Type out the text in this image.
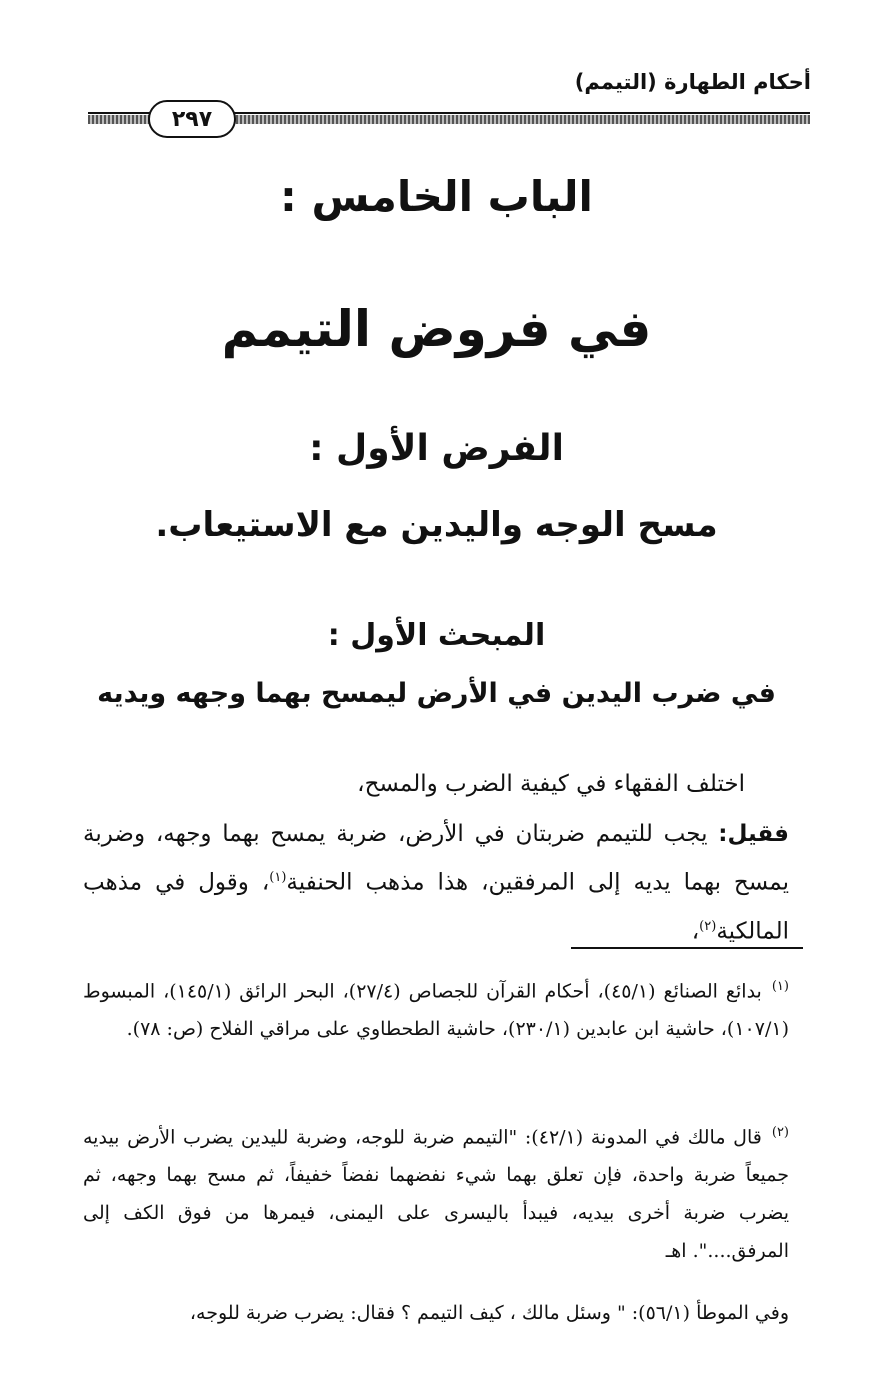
أحكام الطهارة (التيمم)
٢٩٧
الباب الخامس :
في فروض التيمم
الفرض الأول :
مسح الوجه واليدين مع الاستيعاب.
المبحث الأول :
في ضرب اليدين في الأرض ليمسح بهما وجهه ويديه
اختلف الفقهاء في كيفية الضرب والمسح،
فقيل: يجب للتيمم ضربتان في الأرض، ضربة يمسح بهما وجهه، وضربة يمسح بهما يديه إلى المرفقين، هذا مذهب الحنفية$^{(١)}$، وقول في مذهب المالكية$^{(٢)}$،
$^{(١)}$بدائع الصنائع (٤٥/١)، أحكام القرآن للجصاص (٢٧/٤)، البحر الرائق (١٤٥/١)، المبسوط (١٠٧/١)، حاشية ابن عابدين (٢٣٠/١)، حاشية الطحطاوي على مراقي الفلاح (ص: ٧٨).
$^{(٢)}$قال مالك في المدونة (٤٢/١): "التيمم ضربة للوجه، وضربة لليدين يضرب الأرض بيديه جميعاً ضربة واحدة، فإن تعلق بهما شيء نفضهما نفضاً خفيفاً، ثم مسح بهما وجهه، ثم يضرب ضربة أخرى بيديه، فيبدأ باليسرى على اليمنى، فيمرها من فوق الكف إلى المرفق....". اهـ
وفي الموطأ (٥٦/١): " وسئل مالك ، كيف التيمم ؟ فقال: يضرب ضربة للوجه،
